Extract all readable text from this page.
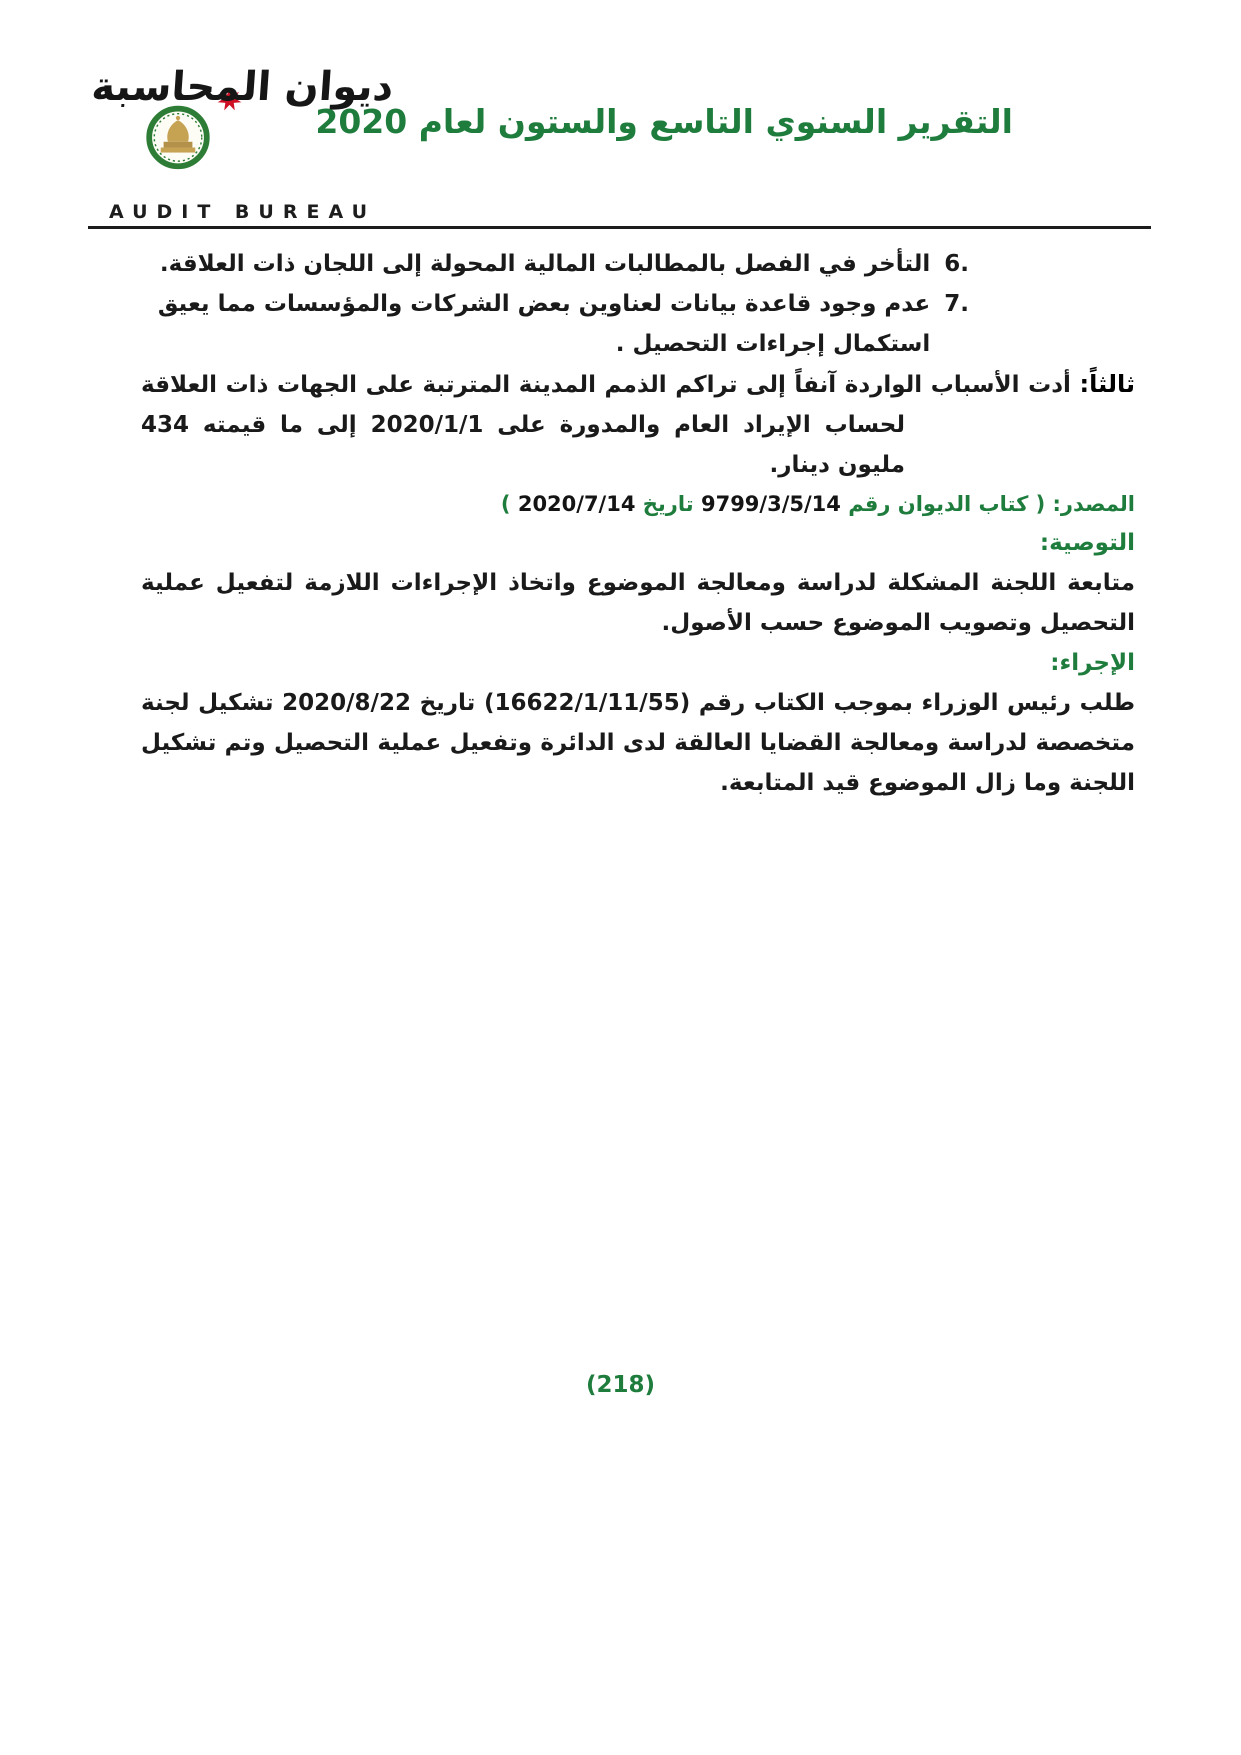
ديوان المحاسبة
AUDIT BUREAU
التقرير السنوي التاسع والستون لعام 2020
6.
التأخر في الفصل بالمطالبات المالية المحولة إلى اللجان ذات العلاقة.
7.
عدم وجود قاعدة بيانات لعناوين بعض الشركات والمؤسسات مما يعيق استكمال إجراءات التحصيل .

ثالثاً: أدت الأسباب الواردة آنفاً إلى تراكم الذمم المدينة المترتبة على الجهات ذات العلاقة لحساب الإيراد العام والمدورة على 2020/1/1 إلى ما قيمته 434 مليون دينار.

المصدر: ( كتاب الديوان رقم 9799/3/5/14 تاريخ 2020/7/14 )

التوصية:

متابعة اللجنة المشكلة لدراسة ومعالجة الموضوع واتخاذ الإجراءات اللازمة لتفعيل عملية التحصيل وتصويب الموضوع حسب الأصول.

الإجراء:

طلب رئيس الوزراء بموجب الكتاب رقم (16622/1/11/55) تاريخ 2020/8/22 تشكيل لجنة متخصصة لدراسة ومعالجة القضايا العالقة لدى الدائرة وتفعيل عملية التحصيل وتم تشكيل اللجنة وما زال الموضوع قيد المتابعة.

(218)
